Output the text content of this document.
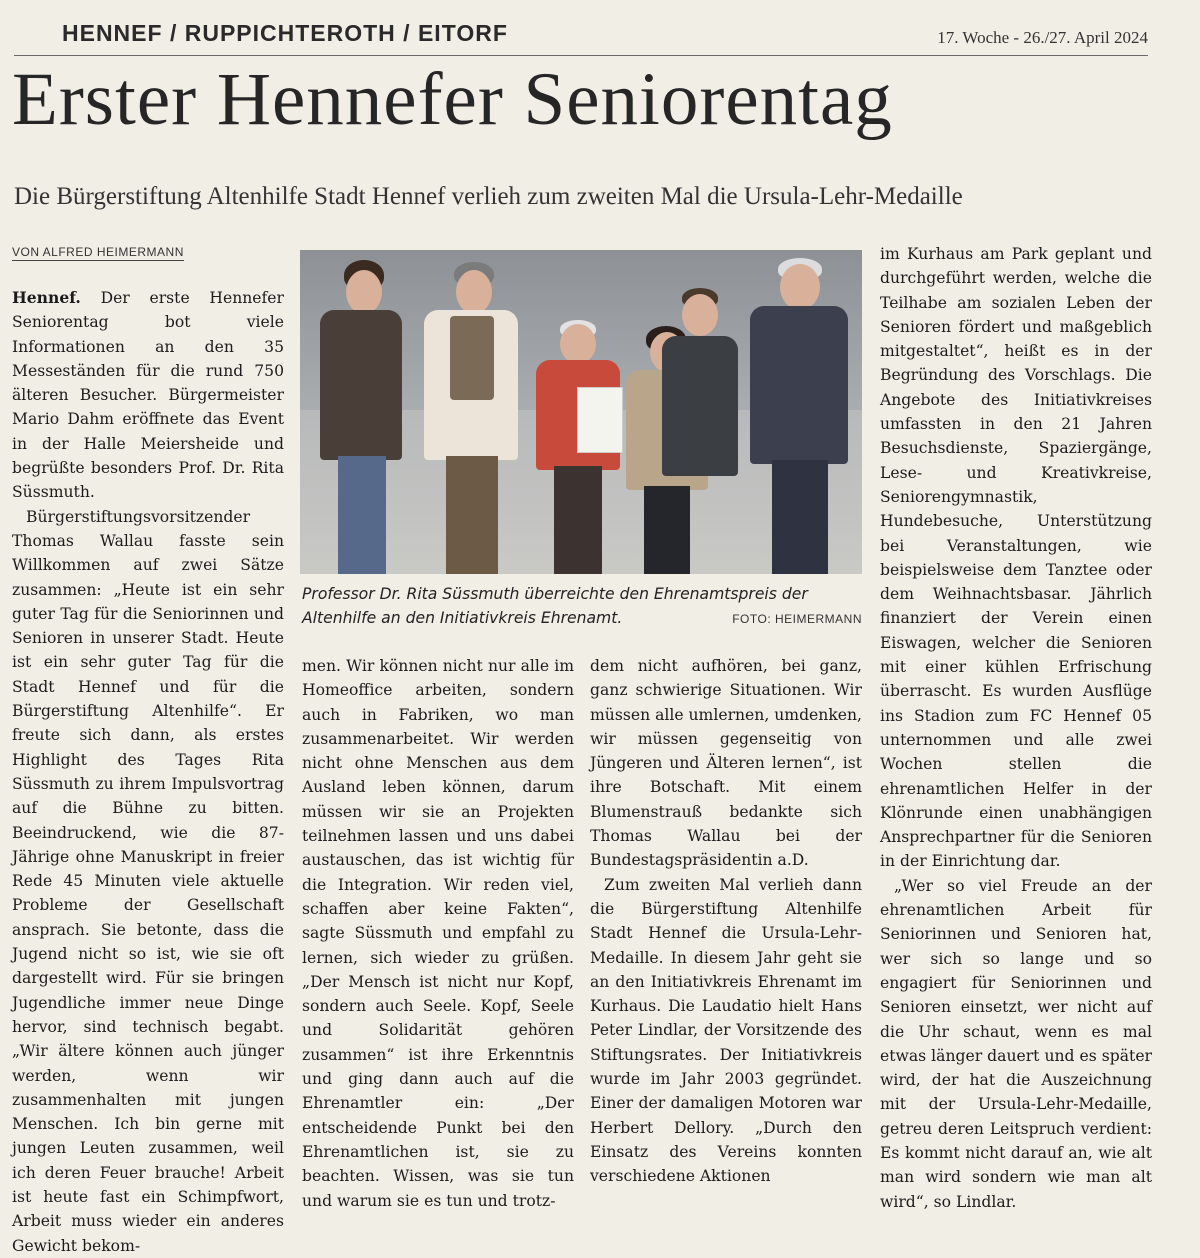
HENNEF / RUPPICHTEROTH / EITORF	17. Woche - 26./27. April 2024
Erster Hennefer Seniorentag
Die Bürgerstiftung Altenhilfe Stadt Hennef verlieh zum zweiten Mal die Ursula-Lehr-Medaille
VON ALFRED HEIMERMANN

Hennef. Der erste Hennefer Seniorentag bot viele Informationen an den 35 Messeständen für die rund 750 älteren Besucher. Bürgermeister Mario Dahm eröffnete das Event in der Halle Meiersheide und begrüßte besonders Prof. Dr. Rita Süssmuth.

Bürgerstiftungsvorsitzender Thomas Wallau fasste sein Willkommen auf zwei Sätze zusammen: „Heute ist ein sehr guter Tag für die Seniorinnen und Senioren in unserer Stadt. Heute ist ein sehr guter Tag für die Stadt Hennef und für die Bürgerstiftung Altenhilfe“. Er freute sich dann, als erstes Highlight des Tages Rita Süssmuth zu ihrem Impulsvortrag auf die Bühne zu bitten. Beeindruckend, wie die 87-Jährige ohne Manuskript in freier Rede 45 Minuten viele aktuelle Probleme der Gesellschaft ansprach. Sie betonte, dass die Jugend nicht so ist, wie sie oft dargestellt wird. Für sie bringen Jugendliche immer neue Dinge hervor, sind technisch begabt. „Wir ältere können auch jünger werden, wenn wir zusammenhalten mit jungen Menschen. Ich bin gerne mit jungen Leuten zusammen, weil ich deren Feuer brauche! Arbeit ist heute fast ein Schimpfwort, Arbeit muss wieder ein anderes Gewicht bekom-

Professor Dr. Rita Süssmuth überreichte den Ehrenamtspreis der Altenhilfe an den Initiativkreis Ehrenamt.	FOTO: HEIMERMANN

men. Wir können nicht nur alle im Homeoffice arbeiten, sondern auch in Fabriken, wo man zusammenarbeitet. Wir werden nicht ohne Menschen aus dem Ausland leben können, darum müssen wir sie an Projekten teilnehmen lassen und uns dabei austauschen, das ist wichtig für die Integration. Wir reden viel, schaffen aber keine Fakten“, sagte Süssmuth und empfahl zu lernen, sich wieder zu grüßen. „Der Mensch ist nicht nur Kopf, sondern auch Seele. Kopf, Seele und Solidarität gehören zusammen“ ist ihre Erkenntnis und ging dann auch auf die Ehrenamtler ein: „Der entscheidende Punkt bei den Ehrenamtlichen ist, sie zu beachten. Wissen, was sie tun und warum sie es tun und trotz-

dem nicht aufhören, bei ganz, ganz schwierige Situationen. Wir müssen alle umlernen, umdenken, wir müssen gegenseitig von Jüngeren und Älteren lernen“, ist ihre Botschaft. Mit einem Blumenstrauß bedankte sich Thomas Wallau bei der Bundestagspräsidentin a.D.

Zum zweiten Mal verlieh dann die Bürgerstiftung Altenhilfe Stadt Hennef die Ursula-Lehr-Medaille. In diesem Jahr geht sie an den Initiativkreis Ehrenamt im Kurhaus. Die Laudatio hielt Hans Peter Lindlar, der Vorsitzende des Stiftungsrates. Der Initiativkreis wurde im Jahr 2003 gegründet. Einer der damaligen Motoren war Herbert Dellory. „Durch den Einsatz des Vereins konnten verschiedene Aktionen

im Kurhaus am Park geplant und durchgeführt werden, welche die Teilhabe am sozialen Leben der Senioren fördert und maßgeblich mitgestaltet“, heißt es in der Begründung des Vorschlags. Die Angebote des Initiativkreises umfassten in den 21 Jahren Besuchsdienste, Spaziergänge, Lese- und Kreativkreise, Seniorengymnastik, Hundebesuche, Unterstützung bei Veranstaltungen, wie beispielsweise dem Tanztee oder dem Weihnachtsbasar. Jährlich finanziert der Verein einen Eiswagen, welcher die Senioren mit einer kühlen Erfrischung überrascht. Es wurden Ausflüge ins Stadion zum FC Hennef 05 unternommen und alle zwei Wochen stellen die ehrenamtlichen Helfer in der Klönrunde einen unabhängigen Ansprechpartner für die Senioren in der Einrichtung dar.

„Wer so viel Freude an der ehrenamtlichen Arbeit für Seniorinnen und Senioren hat, wer sich so lange und so engagiert für Seniorinnen und Senioren einsetzt, wer nicht auf die Uhr schaut, wenn es mal etwas länger dauert und es später wird, der hat die Auszeichnung mit der Ursula-Lehr-Medaille, getreu deren Leitspruch verdient: Es kommt nicht darauf an, wie alt man wird sondern wie man alt wird“, so Lindlar.
